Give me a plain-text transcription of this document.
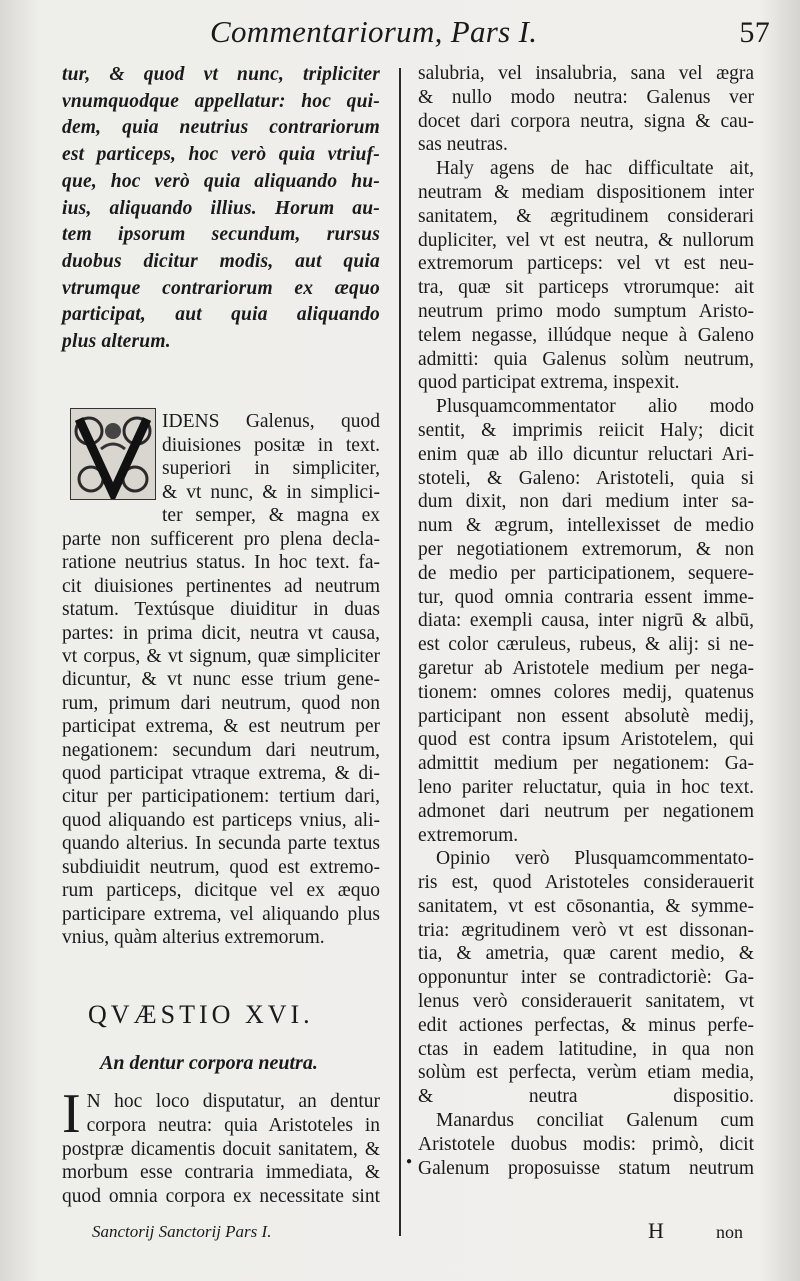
Commentariorum, Pars I.	57
tur, & quod vt nunc, tripliciter
vnumquodque appellatur: hoc qui-
dem, quia neutrius contrariorum
est particeps, hoc verò quia vtriuf-
que, hoc verò quia aliquando hu-
ius, aliquando illius. Horum au-
tem ipsorum secundum, rursus
duobus dicitur modis, aut quia
vtrumque contrariorum ex æquo
participat, aut quia aliquando
plus alterum.
IDENS Galenus, quod
diuisiones positæ in text.
superiori in simpliciter,
& vt nunc, & in simplici-
ter semper, & magna ex
parte non sufficerent pro plena decla-
ratione neutrius status. In hoc text. fa-
cit diuisiones pertinentes ad neutrum
statum. Textúsque diuiditur in duas
partes: in prima dicit, neutra vt causa,
vt corpus, & vt signum, quæ simpliciter
dicuntur, & vt nunc esse trium gene-
rum, primum dari neutrum, quod non
participat extrema, & est neutrum per
negationem: secundum dari neutrum,
quod participat vtraque extrema, & di-
citur per participationem: tertium dari,
quod aliquando est particeps vnius, ali-
quando alterius. In secunda parte textus
subdiuidit neutrum, quod est extremo-
rum particeps, dicitque vel ex æquo
participare extrema, vel aliquando plus
vnius, quàm alterius extremorum.
QVÆSTIO XVI.
An dentur corpora neutra.
I N hoc loco disputatur, an dentur
corpora neutra: quia Aristoteles in
postpræ dicamentis docuit sanitatem, &
morbum esse contraria immediata, &
quod omnia corpora ex necessitate sint
salubria, vel insalubria, sana vel ægra
& nullo modo neutra: Galenus ver
docet dari corpora neutra, signa & cau-
sas neutras.
Haly agens de hac difficultate ait,
neutram & mediam dispositionem inter
sanitatem, & ægritudinem considerari
dupliciter, vel vt est neutra, & nullorum
extremorum particeps: vel vt est neu-
tra, quæ sit particeps vtrorumque: ait
neutrum primo modo sumptum Aristo-
telem negasse, illúdque neque à Galeno
admitti: quia Galenus solùm neutrum,
quod participat extrema, inspexit.
Plusquamcommentator alio modo
sentit, & imprimis reiicit Haly; dicit
enim quæ ab illo dicuntur reluctari Ari-
stoteli, & Galeno: Aristoteli, quia si
dum dixit, non dari medium inter sa-
num & ægrum, intellexisset de medio
per negotiationem extremorum, & non
de medio per participationem, sequere-
tur, quod omnia contraria essent imme-
diata: exempli causa, inter nigrū & albū,
est color cæruleus, rubeus, & alij: si ne-
garetur ab Aristotele medium per nega-
tionem: omnes colores medij, quatenus
participant non essent absolutè medij,
quod est contra ipsum Aristotelem, qui
admittit medium per negationem: Ga-
leno pariter reluctatur, quia in hoc text.
admonet dari neutrum per negationem
extremorum.
Opinio verò Plusquamcommentato-
ris est, quod Aristoteles considerauerit
sanitatem, vt est cōsonantia, & symme-
tria: ægritudinem verò vt est dissonan-
tia, & ametria, quæ carent medio, &
opponuntur inter se contradictoriè: Ga-
lenus verò considerauerit sanitatem, vt
edit actiones perfectas, & minus perfe-
ctas in eadem latitudine, in qua non
solùm est perfecta, verùm etiam media,
& neutra dispositio.
Manardus conciliat Galenum cum
Aristotele duobus modis: primò, dicit
Galenum proposuisse statum neutrum
●
Sanctorij Sanctorij Pars I.	H	non
